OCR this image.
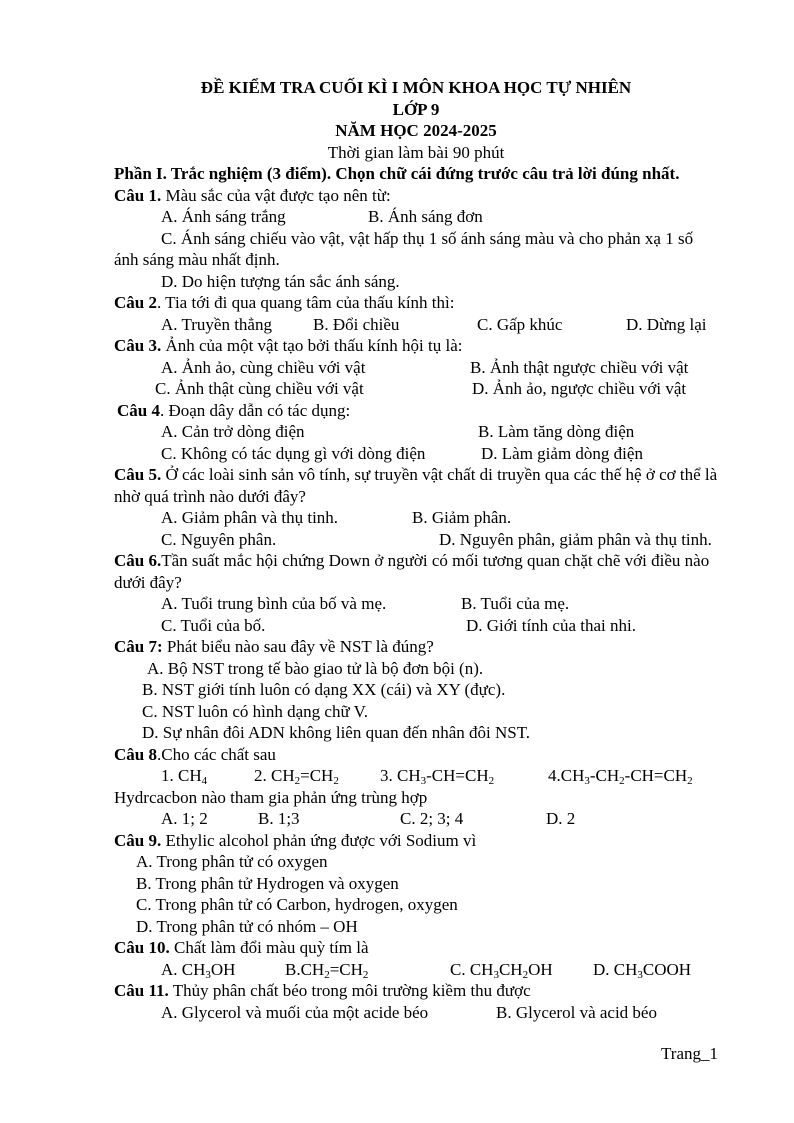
ĐỀ KIỂM TRA CUỐI KÌ I MÔN KHOA HỌC TỰ NHIÊN
LỚP 9
NĂM HỌC 2024-2025
Thời gian làm bài 90 phút
Phần I. Trắc nghiệm (3 điểm). Chọn chữ cái đứng trước câu trả lời đúng nhất.
Câu 1. Màu sắc của vật được tạo nên từ:
A. Ánh sáng trắng	B. Ánh sáng đơn
C. Ánh sáng chiếu vào vật, vật hấp thụ 1 số ánh sáng màu và cho phản xạ 1 số ánh sáng màu nhất định.
D. Do hiện tượng tán sắc ánh sáng.
Câu 2. Tia tới đi qua quang tâm của thấu kính thì:
A. Truyền thẳng B. Đổi chiều	C. Gấp khúc	D. Dừng lại
Câu 3. Ảnh của một vật tạo bởi thấu kính hội tụ là:
A. Ảnh ảo, cùng chiều với vật	B. Ảnh thật ngược chiều với vật
C. Ảnh thật cùng chiều với vật	D. Ảnh ảo, ngược chiều với vật
Câu 4. Đoạn dây dẫn có tác dụng:
A. Cản trở dòng điện	B. Làm tăng dòng điện
C. Không có tác dụng gì với dòng điện	D. Làm giảm dòng điện
Câu 5. Ở các loài sinh sản vô tính, sự truyền vật chất di truyền qua các thế hệ ở cơ thể là nhờ quá trình nào dưới đây?
A. Giảm phân và thụ tinh.	B. Giảm phân.
C. Nguyên phân.	D. Nguyên phân, giảm phân và thụ tinh.
Câu 6.Tần suất mắc hội chứng Down ở người có mối tương quan chặt chẽ với điều nào dưới đây?
A. Tuổi trung bình của bố và mẹ.	B. Tuổi của mẹ.
C. Tuổi của bố.	D. Giới tính của thai nhi.
Câu 7: Phát biểu nào sau đây về NST là đúng?
A. Bộ NST trong tế bào giao tử là bộ đơn bội (n).
B. NST giới tính luôn có dạng XX (cái) và XY (đực).
C. NST luôn có hình dạng chữ V.
D. Sự nhân đôi ADN không liên quan đến nhân đôi NST.
Câu 8.Cho các chất sau
1. $CH_4$	2. $CH_2=CH_2$ 3. $CH_3-CH=CH_2$	$4.CH_3-CH_2-CH=CH_2$
Hydrcacbon nào tham gia phản ứng trùng hợp
A. 1; 2	B. 1;3	C. 2; 3; 4	D. 2
Câu 9. Ethylic alcohol phản ứng được với Sodium vì
A. Trong phân tử có oxygen
B. Trong phân tử Hydrogen và oxygen
C. Trong phân tử có Carbon, hydrogen, oxygen
D. Trong phân tử có nhóm – OH
Câu 10. Chất làm đổi màu quỳ tím là
A. $CH_3OH$	$B.CH_2=CH_2$	C. $CH_3CH_2OH$ D. $CH_3COOH$
Câu 11. Thủy phân chất béo trong môi trường kiềm thu được
A. Glycerol và muối của một acide béo	B. Glycerol và acid béo
Trang_1
